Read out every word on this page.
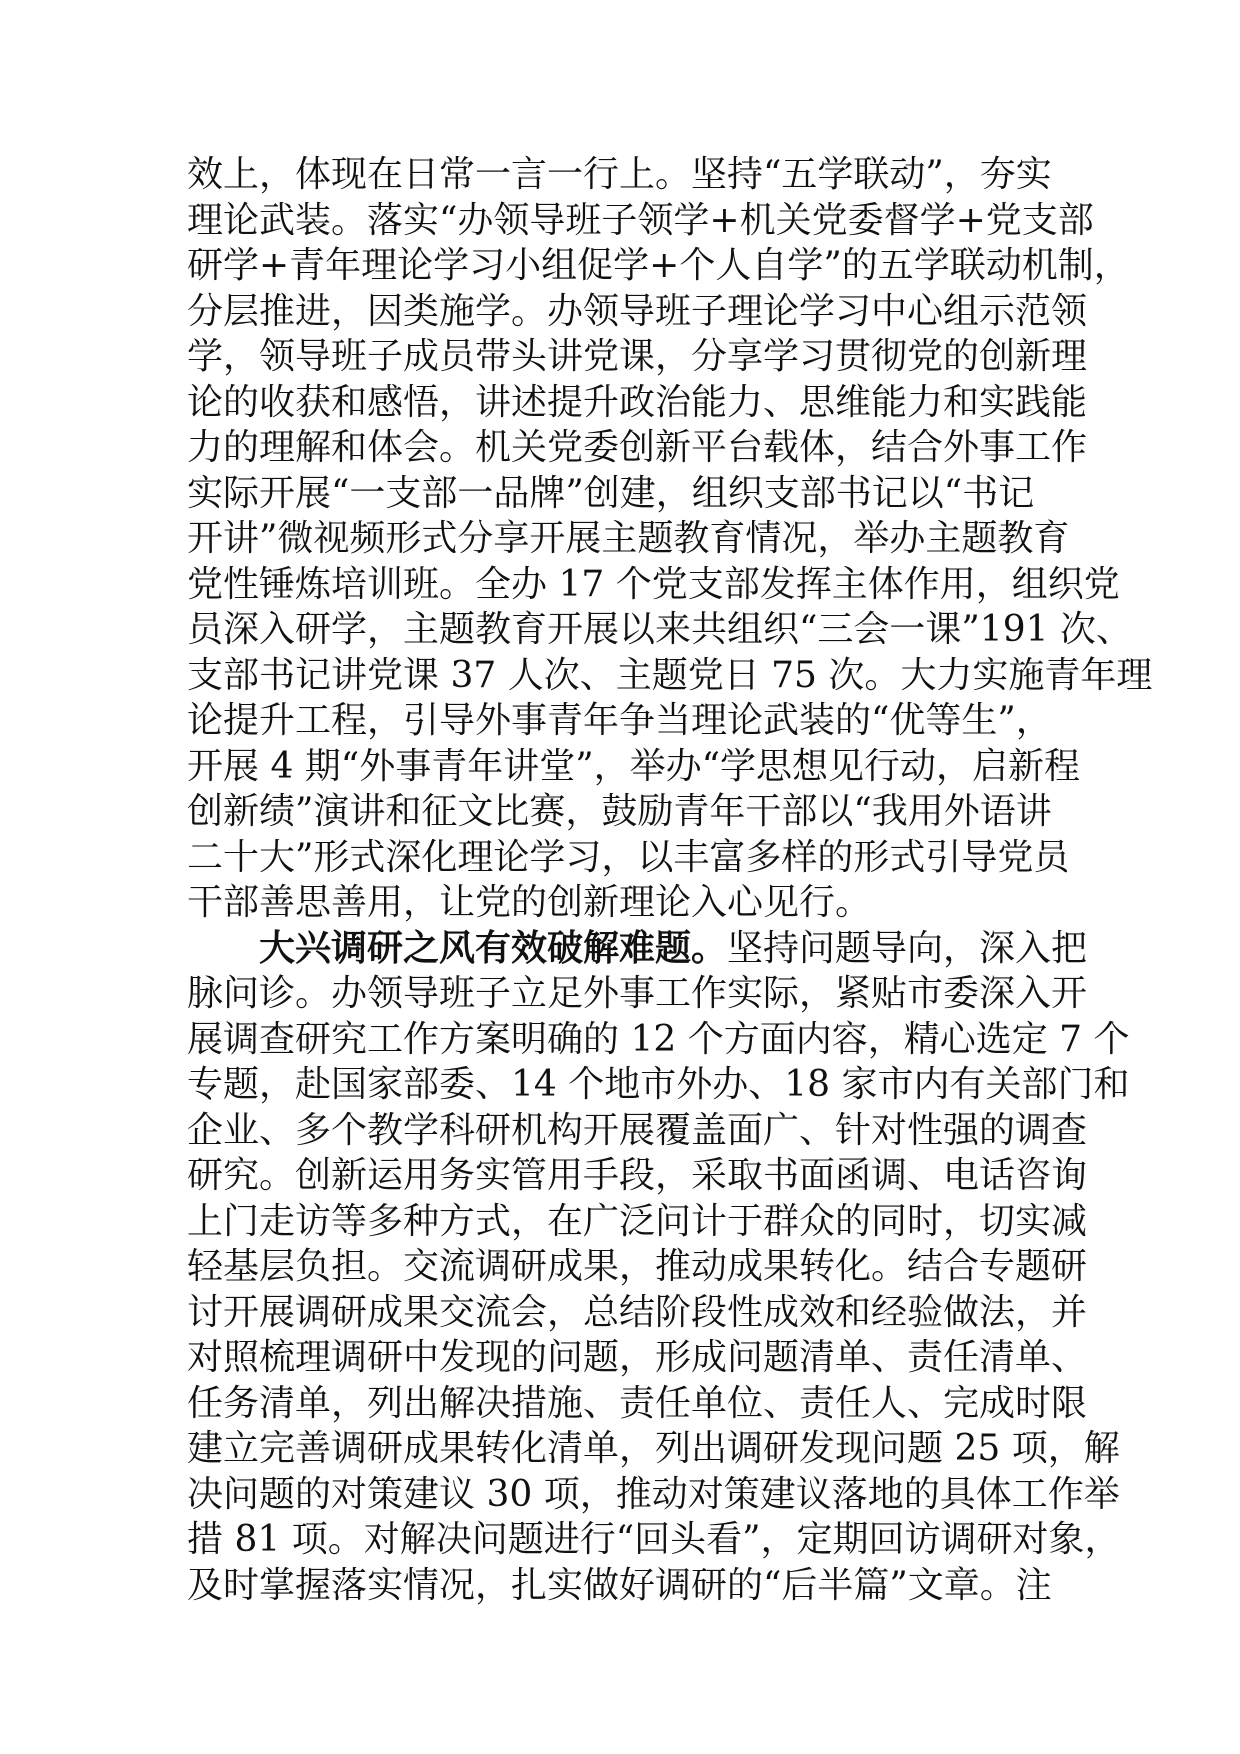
效上，体现在日常一言一行上。坚持“五学联动”，夯实
理论武装。落实“办领导班子领学+机关党委督学+党支部
研学+青年理论学习小组促学+个人自学”的五学联动机制，
分层推进，因类施学。办领导班子理论学习中心组示范领
学，领导班子成员带头讲党课，分享学习贯彻党的创新理
论的收获和感悟，讲述提升政治能力、思维能力和实践能
力的理解和体会。机关党委创新平台载体，结合外事工作
实际开展“一支部一品牌”创建，组织支部书记以“书记
开讲”微视频形式分享开展主题教育情况，举办主题教育
党性锤炼培训班。全办 17 个党支部发挥主体作用，组织党
员深入研学，主题教育开展以来共组织“三会一课”191 次、
支部书记讲党课 37 人次、主题党日 75 次。大力实施青年理
论提升工程，引导外事青年争当理论武装的“优等生”，
开展 4 期“外事青年讲堂”，举办“学思想见行动，启新程
创新绩”演讲和征文比赛，鼓励青年干部以“我用外语讲
二十大”形式深化理论学习，以丰富多样的形式引导党员
干部善思善用，让党的创新理论入心见行。
大兴调研之风有效破解难题。坚持问题导向，深入把
脉问诊。办领导班子立足外事工作实际，紧贴市委深入开
展调查研究工作方案明确的 12 个方面内容，精心选定 7 个
专题，赴国家部委、14 个地市外办、18 家市内有关部门和
企业、多个教学科研机构开展覆盖面广、针对性强的调查
研究。创新运用务实管用手段，采取书面函调、电话咨询
上门走访等多种方式，在广泛问计于群众的同时，切实减
轻基层负担。交流调研成果，推动成果转化。结合专题研
讨开展调研成果交流会，总结阶段性成效和经验做法，并
对照梳理调研中发现的问题，形成问题清单、责任清单、
任务清单，列出解决措施、责任单位、责任人、完成时限
建立完善调研成果转化清单，列出调研发现问题 25 项，解
决问题的对策建议 30 项，推动对策建议落地的具体工作举
措 81 项。对解决问题进行“回头看”，定期回访调研对象，
及时掌握落实情况，扎实做好调研的“后半篇”文章。注
